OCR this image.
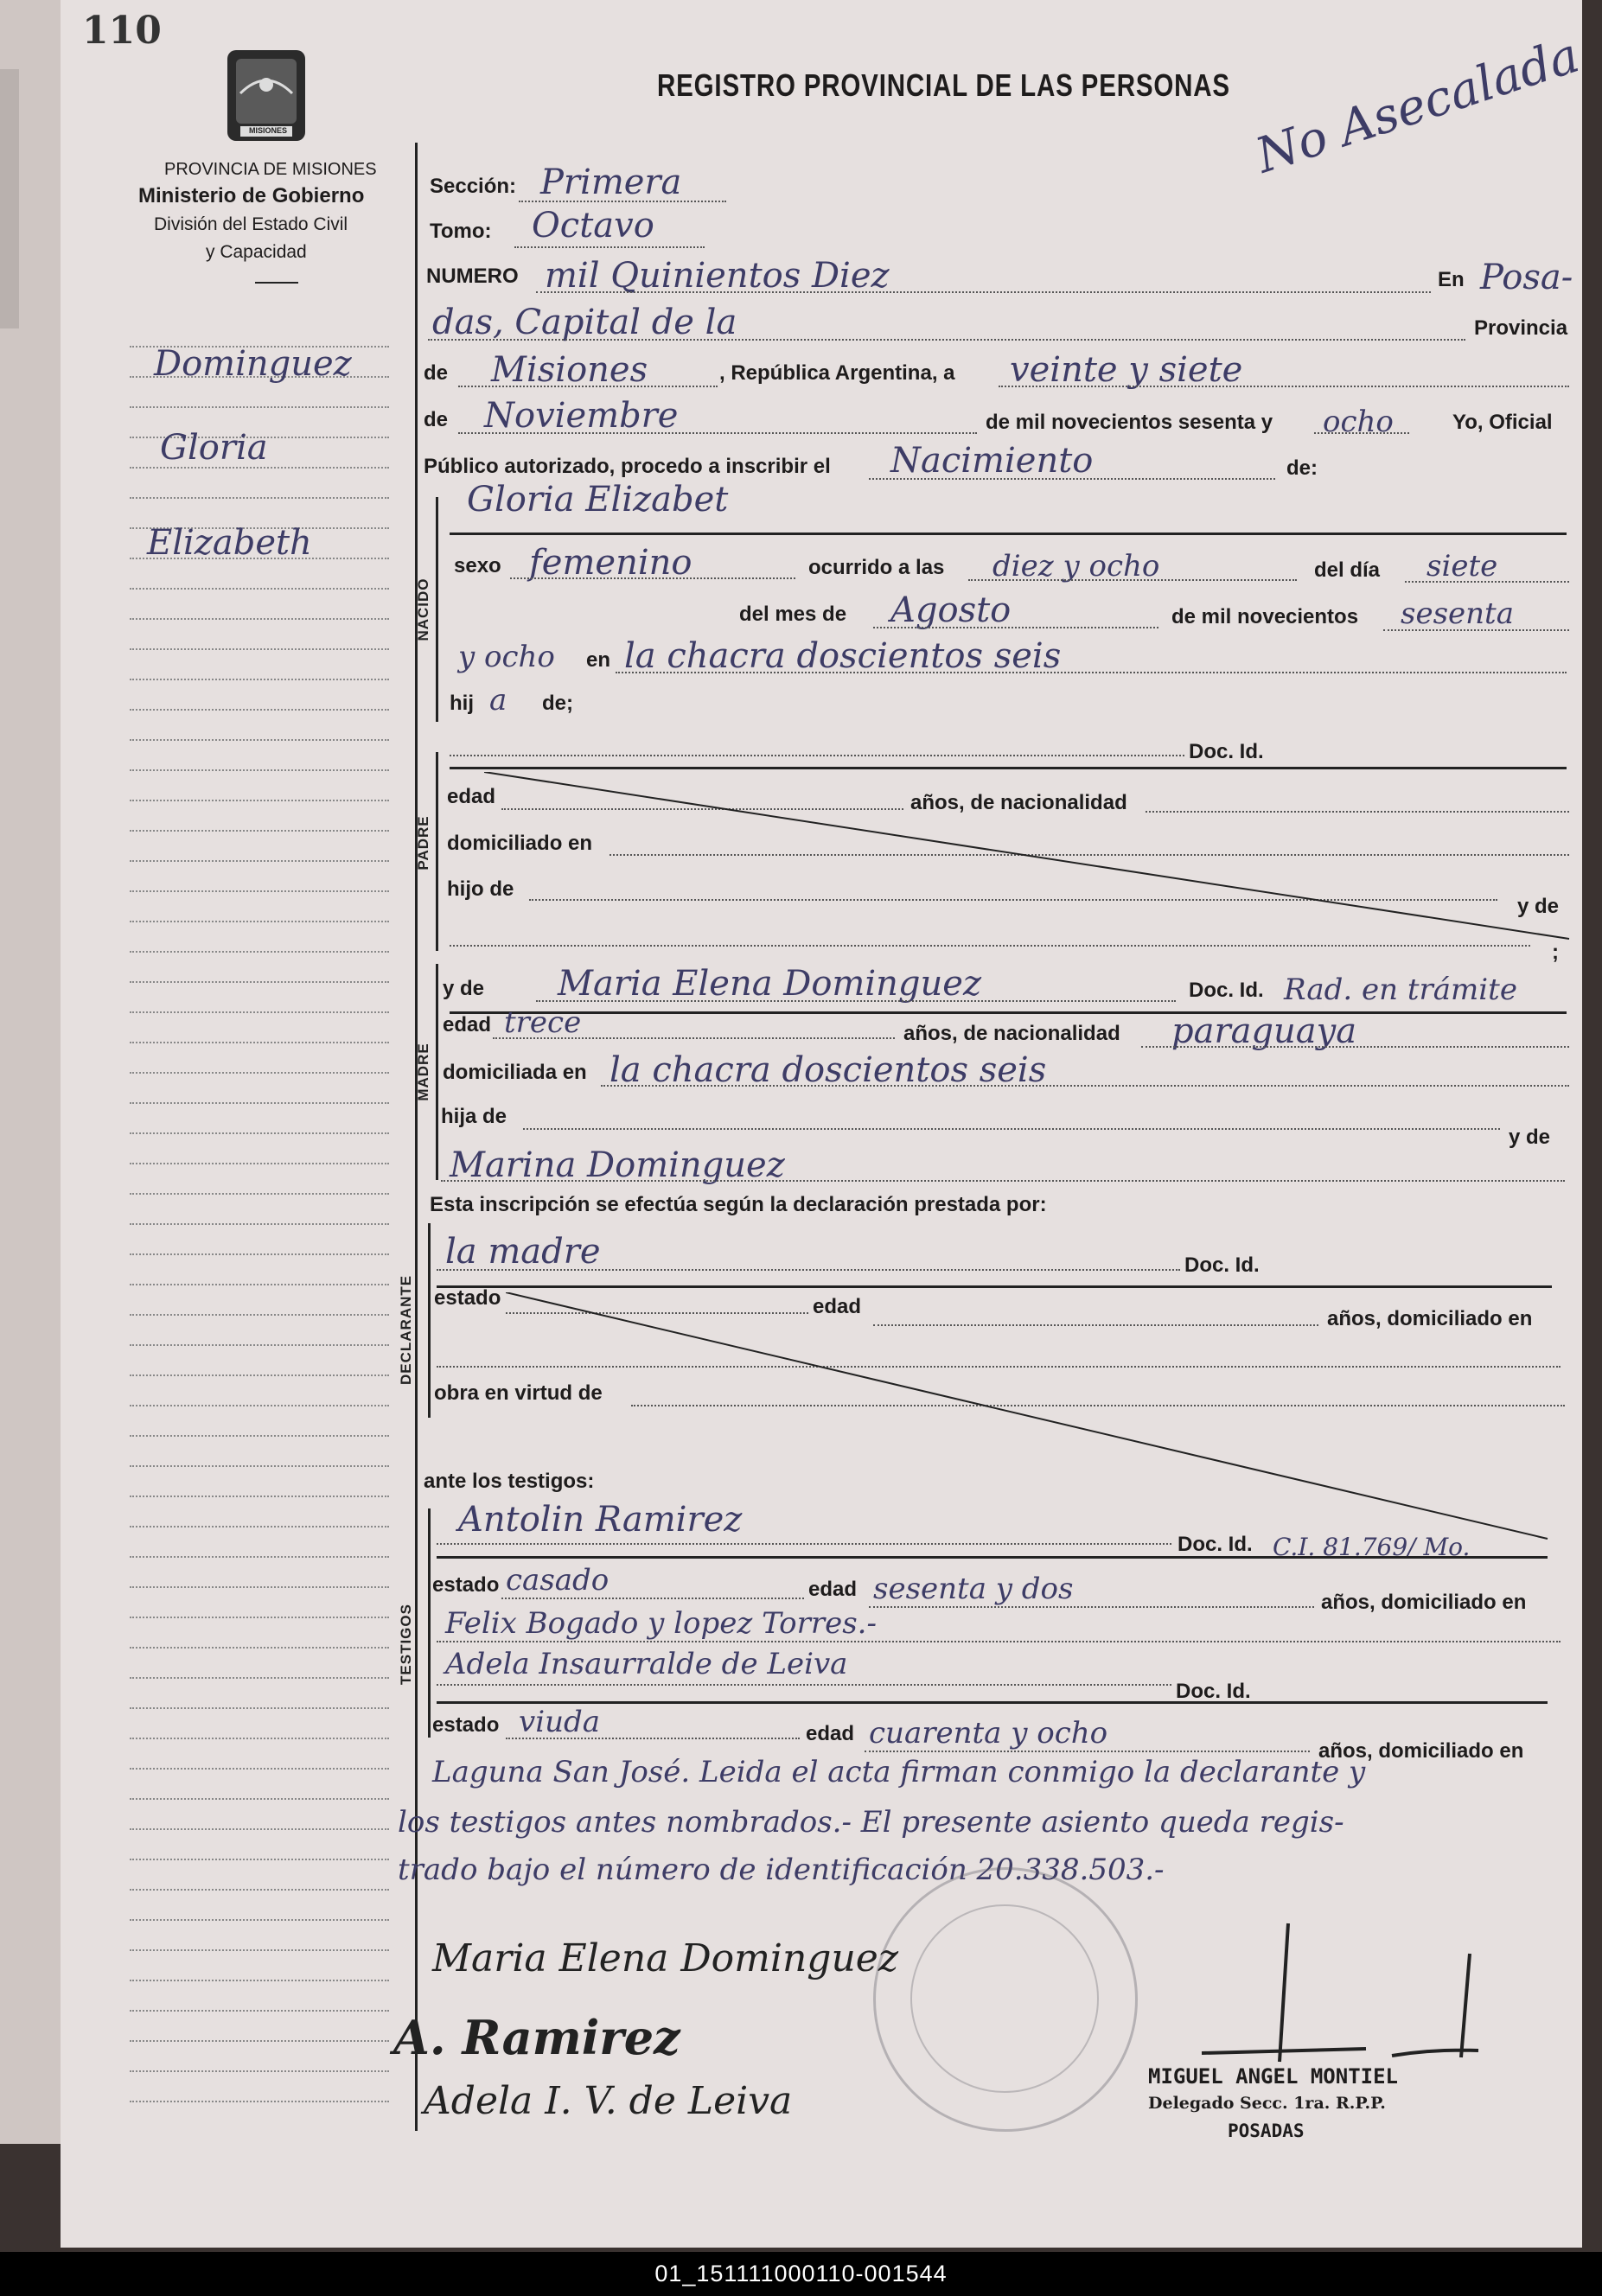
110
MISIONES
PROVINCIA DE MISIONES
Ministerio de Gobierno
División del Estado Civil
y Capacidad
REGISTRO PROVINCIAL DE LAS PERSONAS No Asecalada
Dominguez
Gloria
Elizabeth
Sección: Primera
Tomo: Octavo
NUMERO mil Quinientos Diez	En Posa-
das, Capital de la	Provincia
de Misiones	, República Argentina, a veinte y siete
de Noviembre	de mil novecientos sesenta y ocho	Yo, Oficial
Público autorizado, procedo a inscribir el Nacimiento	de:
NACIDO
Gloria Elizabet
sexo femenino	ocurrido a las diez y ocho	del día siete
del mes de Agosto	de mil novecientos sesenta
y ocho en la chacra doscientos seis
hij a de;
PADRE
Doc. Id.
edad	años, de nacionalidad
domiciliado en
hijo de
y de
;
MADRE
y de Maria Elena Dominguez	Doc. Id. Rad. en trámite
edad trece	años, de nacionalidad paraguaya
domiciliada en la chacra doscientos seis
hija de
y de
Marina Dominguez
Esta inscripción se efectúa según la declaración prestada por:
DECLARANTE
la madre	Doc. Id.
estado	edad
años, domiciliado en
obra en virtud de
ante los testigos:
TESTIGOS
Antolin Ramirez
Doc. Id. C.I. 81.769/ Mo.
estado casado	edad sesenta y dos	años, domiciliado en
Felix Bogado y lopez Torres.-
Adela Insaurralde de Leiva
Doc. Id.
estado viuda	edad cuarenta y ocho
años, domiciliado en
Laguna San José. Leida el acta firman conmigo la declarante y
los testigos antes nombrados.- El presente asiento queda regis-
trado bajo el número de identificación 20.338.503.-
Maria Elena Dominguez
A. Ramirez
Adela I. V. de Leiva
MIGUEL ANGEL MONTIEL
Delegado Secc. 1ra. R.P.P.
POSADAS
01_151111000110-001544
